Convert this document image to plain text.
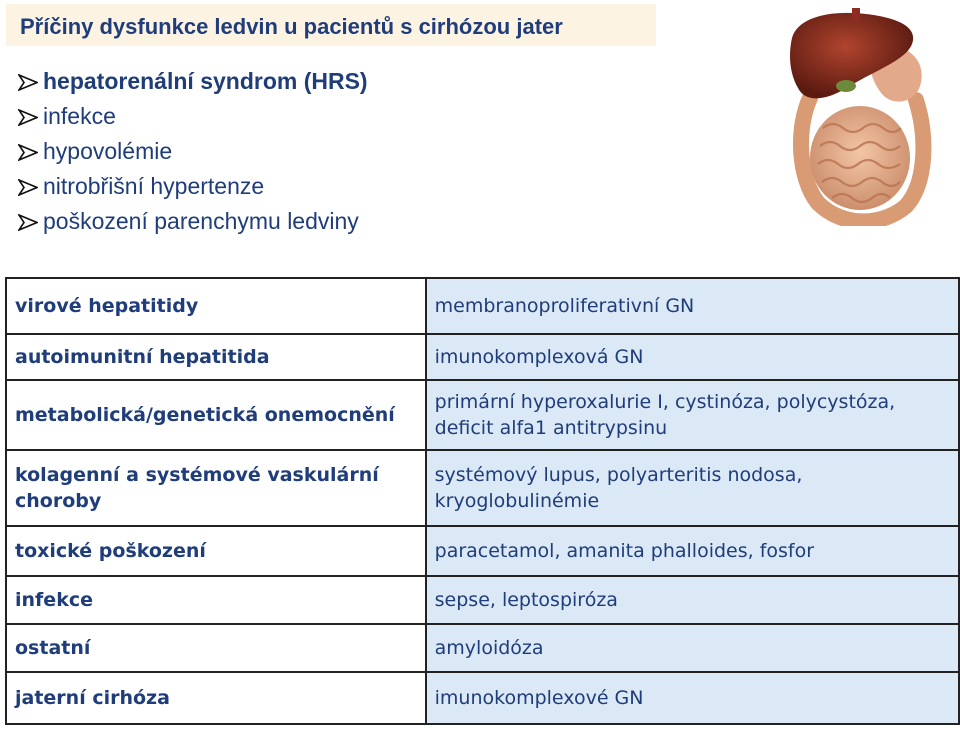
Příčiny dysfunkce ledvin u pacientů s cirhózou jater
hepatorenální syndrom (HRS)
infekce
hypovolémie
nitrobřišní hypertenze
poškození parenchymu ledviny
virové hepatitidy	membranoproliferativní GN

autoimunitní hepatitida	imunokomplexová GN

metabolická/genetická onemocnění	primární hyperoxalurie I, cystinóza, polycystóza, deficit alfa1 antitrypsinu

kolagenní a systémové vaskulární choroby	systémový lupus, polyarteritis nodosa, kryoglobulinémie

toxické poškození	paracetamol, amanita phalloides, fosfor

infekce	sepse, leptospiróza

ostatní	amyloidóza

jaterní cirhóza	imunokomplexové GN
